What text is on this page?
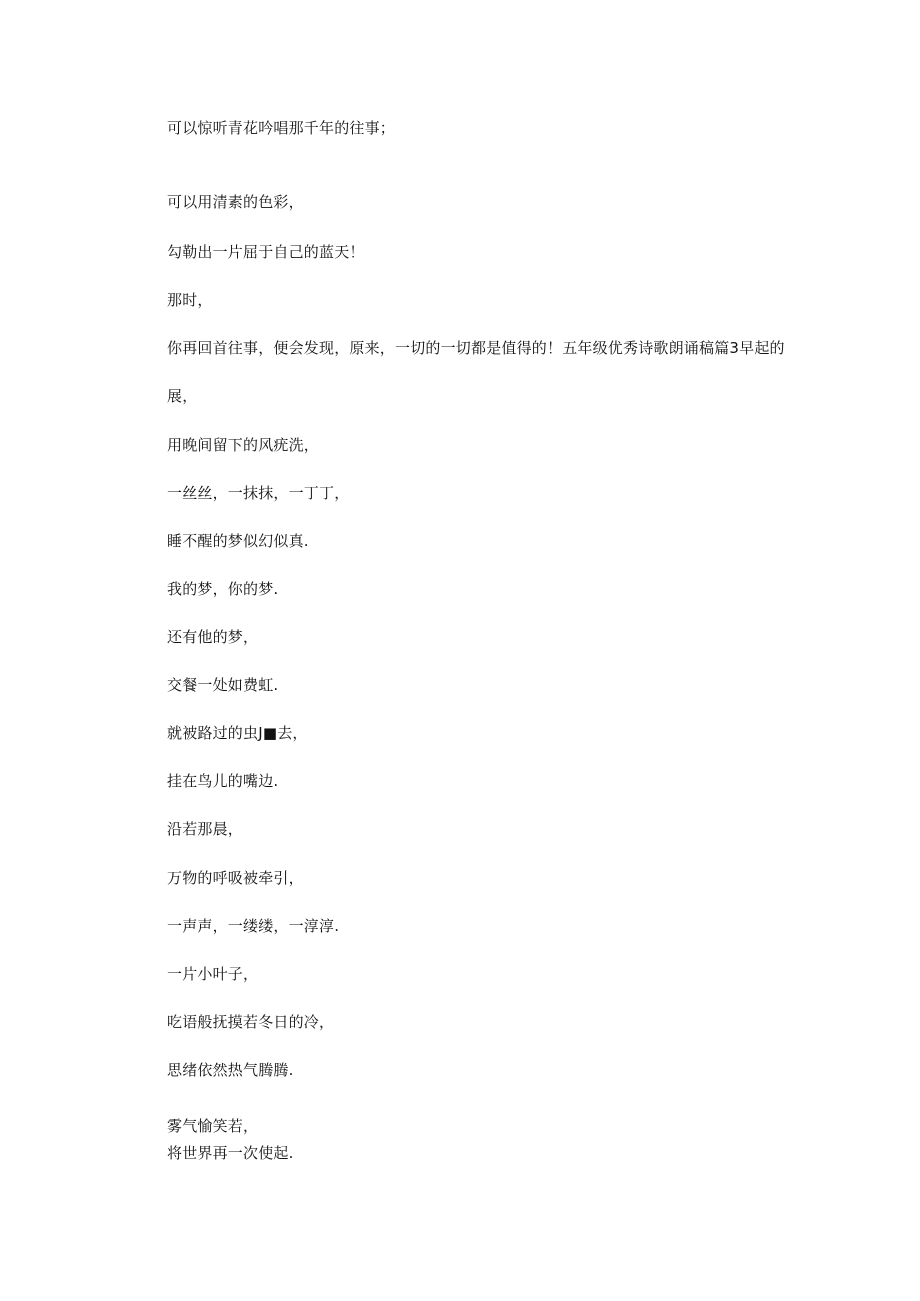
可以惊听青花吟唱那千年的往事；
可以用清素的色彩，
勾勒出一片屈于自己的蓝天！
那时，
你再回首往事，便会发现，原来，一切的一切都是值得的！五年级优秀诗歌朗诵稿篇3早起的
展，
用晚间留下的风疣洗，
一丝丝，一抹抹，一丁丁，
睡不醒的梦似幻似真.
我的梦，你的梦.
还有他的梦，
交餐一处如费虹.
就被路过的虫J■去，
挂在鸟儿的嘴边.
沿若那晨，
万物的呼吸被牵引，
一声声，一缕缕，一淳淳.
一片小叶子，
吃语般抚摸若冬日的冷，
思绪依然热气腾腾.
雾气愉笑若，
将世界再一次使起.
